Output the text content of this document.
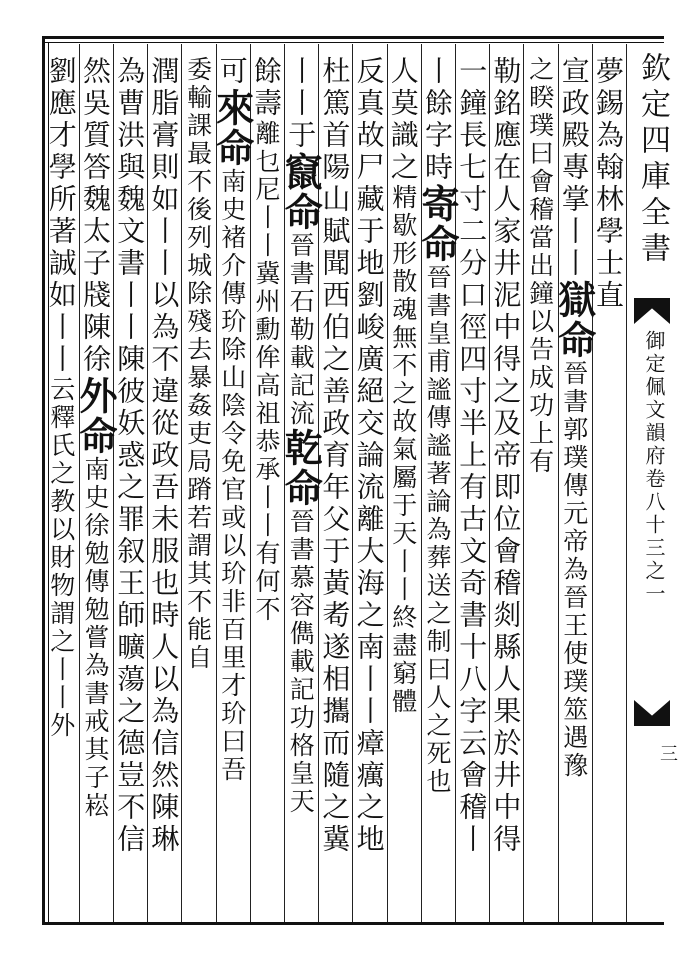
欽定四庫全書
御定佩文韻府卷八十三之一
三
夢錫為翰林學士直
宣政殿專掌丨丨獄命晉書郭璞傳元帝為晉王使璞筮遇豫
之睽璞曰會稽當出鐘以告成功上有
勒銘應在人家井泥中得之及帝即位會稽剡縣人果於井中得
一鐘長七寸二分口徑四寸半上有古文奇書十八字云會稽丨
丨餘字時寄命晉書皇甫謐傳謐著論為葬送之制曰人之死也
人莫識之精歇形散魂無不之故氣屬于天丨丨終盡窮體
反真故尸藏于地劉峻廣絕交論流離大海之南丨丨瘴癘之地
杜篤首陽山賦聞西伯之善政育年父于黃耇遂相攜而隨之冀
丨丨于竄命晉書石勒載記流乾命晉書慕容儁載記功格皇天
餘壽離乜尼丨丨冀州勳侔高祖恭承丨丨有何不
可來命南史褚介傳玠除山陰令免官或以玠非百里才玠曰吾
委輸課最不後列城除殘去暴姦吏局蹐若謂其不能自
潤脂膏則如丨丨以為不違從政吾未服也時人以為信然陳琳
為曹洪與魏文書丨丨陳彼妖惑之罪叙王師曠蕩之德豈不信
然吳質答魏太子牋陳徐外命南史徐勉傳勉嘗為書戒其子崧
劉應才學所著誠如丨丨云釋氏之教以財物謂之丨丨外
